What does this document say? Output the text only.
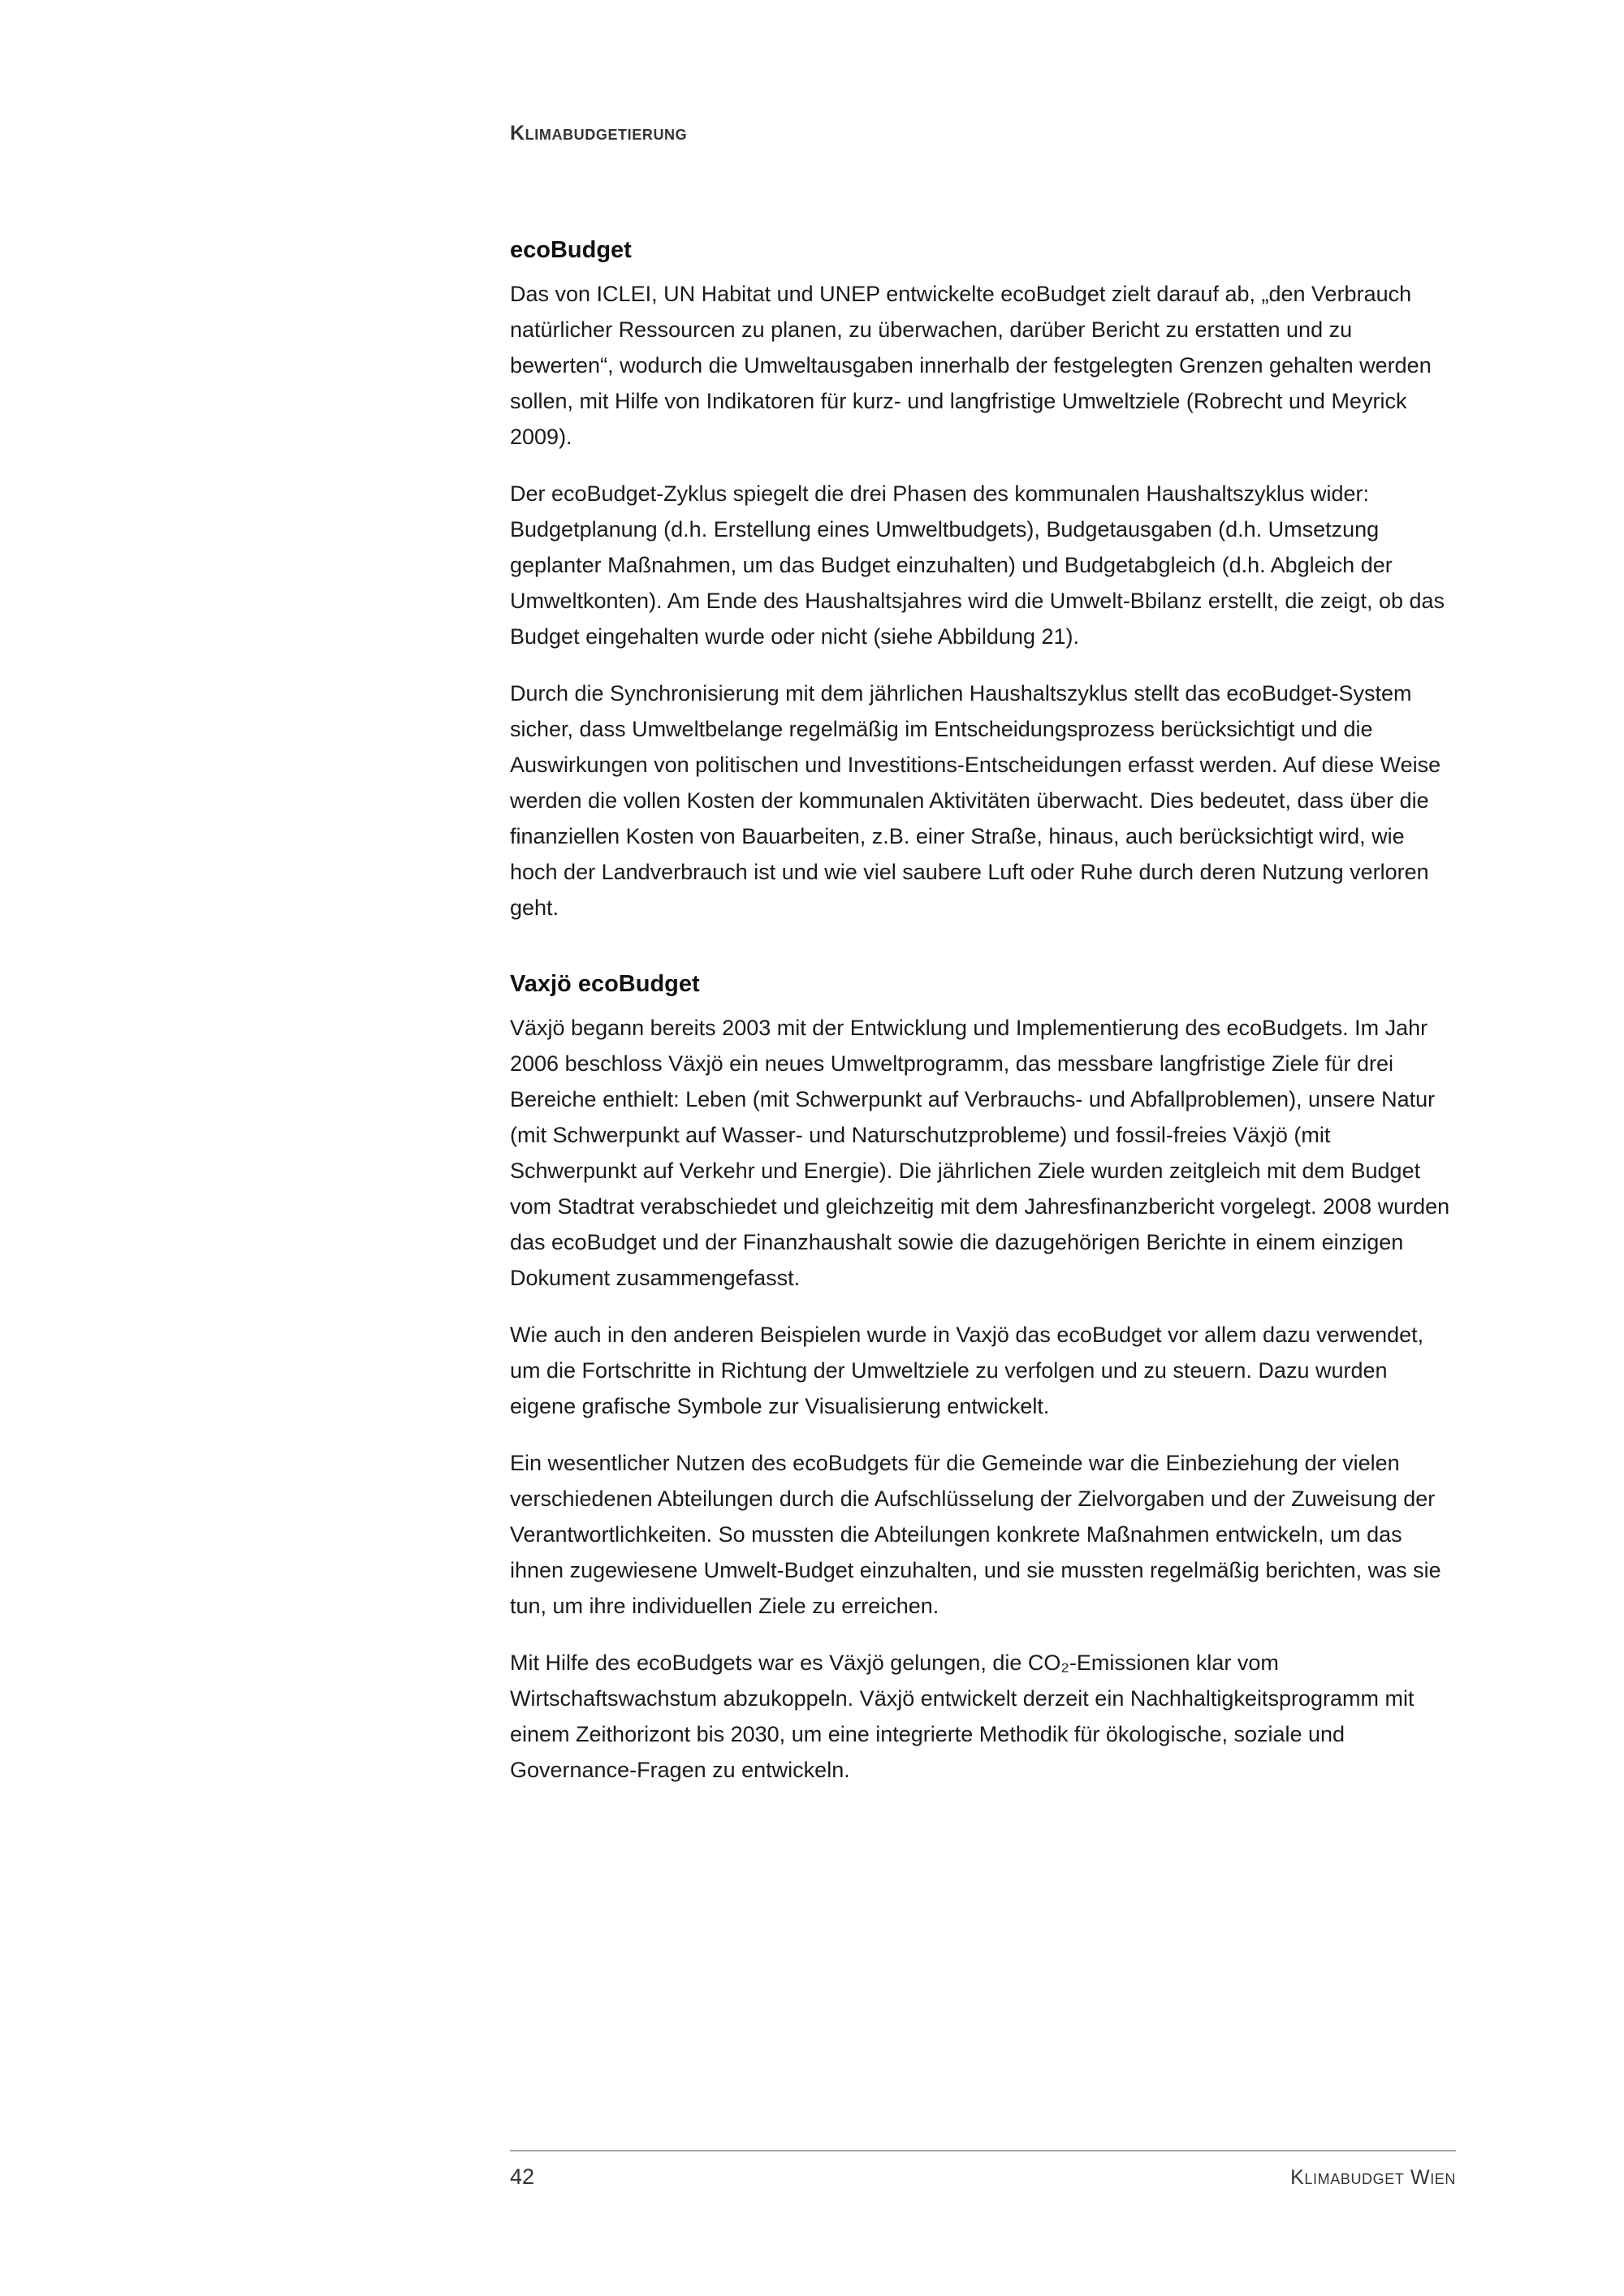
Klimabudgetierung
ecoBudget

Das von ICLEI, UN Habitat und UNEP entwickelte ecoBudget zielt darauf ab, „den Verbrauch natürlicher Ressourcen zu planen, zu überwachen, darüber Bericht zu erstatten und zu bewerten“, wodurch die Umweltausgaben innerhalb der festgelegten Grenzen gehalten werden sollen, mit Hilfe von Indikatoren für kurz- und langfristige Umweltziele (Robrecht und Meyrick 2009).

Der ecoBudget-Zyklus spiegelt die drei Phasen des kommunalen Haushaltszyklus wider: Budgetplanung (d.h. Erstellung eines Umweltbudgets), Budgetausgaben (d.h. Umsetzung geplanter Maßnahmen, um das Budget einzuhalten) und Budgetabgleich (d.h. Abgleich der Umweltkonten). Am Ende des Haushaltsjahres wird die Umwelt-Bbilanz erstellt, die zeigt, ob das Budget eingehalten wurde oder nicht (siehe Abbildung 21).

Durch die Synchronisierung mit dem jährlichen Haushaltszyklus stellt das ecoBudget-System sicher, dass Umweltbelange regelmäßig im Entscheidungsprozess berücksichtigt und die Auswirkungen von politischen und Investitions-Entscheidungen erfasst werden. Auf diese Weise werden die vollen Kosten der kommunalen Aktivitäten überwacht. Dies bedeutet, dass über die finanziellen Kosten von Bauarbeiten, z.B. einer Straße, hinaus, auch berücksichtigt wird, wie hoch der Landverbrauch ist und wie viel saubere Luft oder Ruhe durch deren Nutzung verloren geht.

Vaxjö ecoBudget

Växjö begann bereits 2003 mit der Entwicklung und Implementierung des ecoBudgets. Im Jahr 2006 beschloss Växjö ein neues Umweltprogramm, das messbare langfristige Ziele für drei Bereiche enthielt: Leben (mit Schwerpunkt auf Verbrauchs- und Abfallproblemen), unsere Natur (mit Schwerpunkt auf Wasser- und Naturschutzprobleme) und fossil-freies Växjö (mit Schwerpunkt auf Verkehr und Energie). Die jährlichen Ziele wurden zeitgleich mit dem Budget vom Stadtrat verabschiedet und gleichzeitig mit dem Jahresfinanzbericht vorgelegt. 2008 wurden das ecoBudget und der Finanzhaushalt sowie die dazugehörigen Berichte in einem einzigen Dokument zusammengefasst.

Wie auch in den anderen Beispielen wurde in Vaxjö das ecoBudget vor allem dazu verwendet, um die Fortschritte in Richtung der Umweltziele zu verfolgen und zu steuern. Dazu wurden eigene grafische Symbole zur Visualisierung entwickelt.

Ein wesentlicher Nutzen des ecoBudgets für die Gemeinde war die Einbeziehung der vielen verschiedenen Abteilungen durch die Aufschlüsselung der Zielvorgaben und der Zuweisung der Verantwortlichkeiten. So mussten die Abteilungen konkrete Maßnahmen entwickeln, um das ihnen zugewiesene Umwelt-Budget einzuhalten, und sie mussten regelmäßig berichten, was sie tun, um ihre individuellen Ziele zu erreichen.

Mit Hilfe des ecoBudgets war es Växjö gelungen, die CO₂-Emissionen klar vom Wirtschaftswachstum abzukoppeln. Växjö entwickelt derzeit ein Nachhaltigkeitsprogramm mit einem Zeithorizont bis 2030, um eine integrierte Methodik für ökologische, soziale und Governance-Fragen zu entwickeln.

42	Klimabudget Wien
